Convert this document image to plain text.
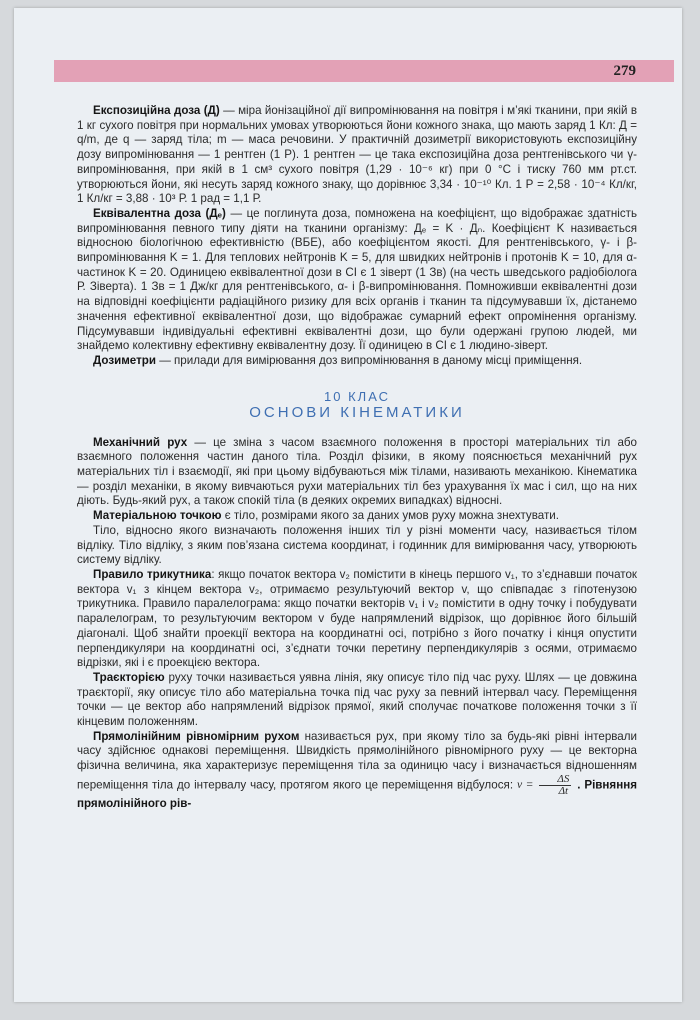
279

Експозиційна доза (Д) — міра йонізаційної дії випромінювання на повітря і м’які тканини, при якій в 1 кг сухого повітря при нормальних умовах утворюються йони кожного знака, що мають заряд 1 Кл: Д = q/m, де q — заряд тіла; m — маса речовини. У практичній дозиметрії використовують експозиційну дозу випромінювання — 1 рентген (1 Р). 1 рентген — це така експозиційна доза рентгенівського чи γ-випромінювання, при якій в 1 см³ сухого повітря (1,29 · 10⁻⁶ кг) при 0 °С і тиску 760 мм рт.ст. утворюються йони, які несуть заряд кожного знаку, що дорівнює 3,34 · 10⁻¹⁰ Кл. 1 Р = 2,58 · 10⁻⁴ Кл/кг, 1 Кл/кг = 3,88 · 10³ Р. 1 рад = 1,1 Р.

Еквівалентна доза (Дₑ) — це поглинута доза, помножена на коефіцієнт, що відображає здатність випромінювання певного типу діяти на тканини організму: Дₑ = K · Дₙ. Коефіцієнт K називається відносною біологічною ефективністю (ВБЕ), або коефіцієнтом якості. Для рентгенівського, γ- і β-випромінювання K = 1. Для теплових нейтронів K = 5, для швидких нейтронів і протонів K = 10, для α-частинок K = 20. Одиницею еквівалентної дози в СІ є 1 зіверт (1 Зв) (на честь шведського радіобіолога Р. Зіверта). 1 Зв = 1 Дж/кг для рентгенівського, α- і β-випромінювання. Помноживши еквівалентні дози на відповідні коефіцієнти радіаційного ризику для всіх органів і тканин та підсумувавши їх, дістанемо значення ефективної еквівалентної дози, що відображає сумарний ефект опромінення організму. Підсумувавши індивідуальні ефективні еквівалентні дози, що були одержані групою людей, ми знайдемо колективну ефективну еквівалентну дозу. Її одиницею в СІ є 1 людино-зіверт.

Дозиметри — прилади для вимірювання доз випромінювання в даному місці приміщення.

10 КЛАС
ОСНОВИ КІНЕМАТИКИ

Механічний рух — це зміна з часом взаємного положення в просторі матеріальних тіл або взаємного положення частин даного тіла. Розділ фізики, в якому пояснюється механічний рух матеріальних тіл і взаємодії, які при цьому відбуваються між тілами, називають механікою. Кінематика — розділ механіки, в якому вивчаються рухи матеріальних тіл без урахування їх мас і сил, що на них діють. Будь-який рух, а також спокій тіла (в деяких окремих випадках) відносні.

Матеріальною точкою є тіло, розмірами якого за даних умов руху можна знехтувати.

Тіло, відносно якого визначають положення інших тіл у різні моменти часу, називається тілом відліку. Тіло відліку, з яким пов’язана система координат, і годинник для вимірювання часу, утворюють систему відліку.

Правило трикутника: якщо початок вектора v₂ помістити в кінець першого v₁, то з’єднавши початок вектора v₁ з кінцем вектора v₂, отримаємо результуючий вектор v, що співпадає з гіпотенузою трикутника. Правило паралелограма: якщо початки векторів v₁ і v₂ помістити в одну точку і побудувати паралелограм, то результуючим вектором v буде напрямлений відрізок, що дорівнює його більшій діагоналі. Щоб знайти проекції вектора на координатні осі, потрібно з його початку і кінця опустити перпендикуляри на координатні осі, з’єднати точки перетину перпендикулярів з осями, отримаємо відрізки, які і є проекцією вектора.

Траєкторією руху точки називається уявна лінія, яку описує тіло під час руху. Шлях — це довжина траєкторії, яку описує тіло або матеріальна точка під час руху за певний інтервал часу. Переміщення точки — це вектор або напрямлений відрізок прямої, який сполучає початкове положення точки з її кінцевим положенням.

Прямолінійним рівномірним рухом називається рух, при якому тіло за будь-які рівні інтервали часу здійснює однакові переміщення. Швидкість прямолінійного рівномірного руху — це векторна фізична величина, яка характеризує переміщення тіла за одиницю часу і визначається відношенням переміщення тіла до інтервалу часу, протягом якого це переміщення відбулося: $v = \frac{\Delta S}{\Delta t}$ . Рівняння прямолінійного рів-
